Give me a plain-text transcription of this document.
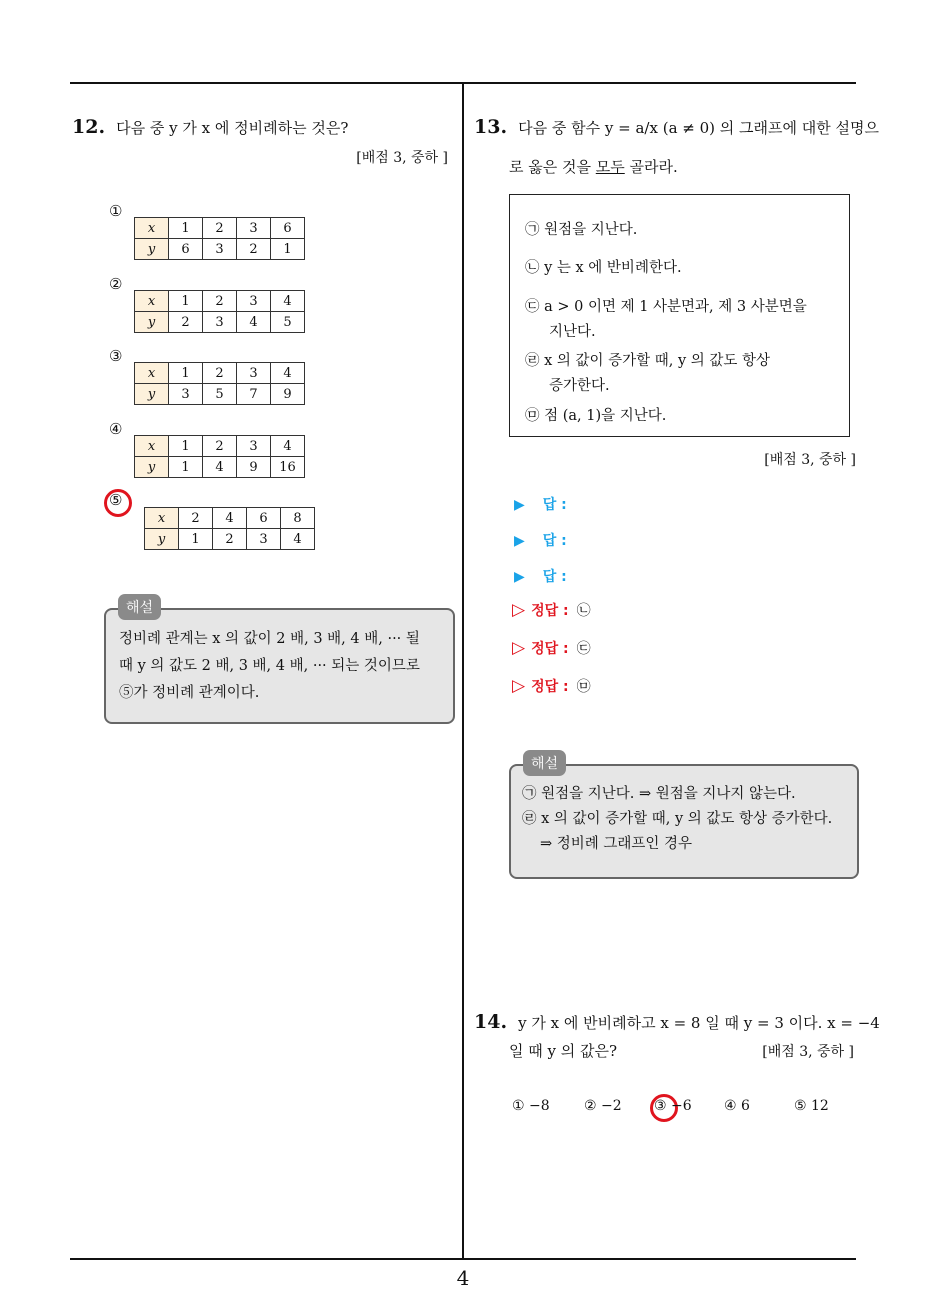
12. 다음 중 y 가 x 에 정비례하는 것은?
[배점 3, 중하 ]
①
x	1	2	3	6
y	6	3	2	1
②
x	1	2	3	4
y	2	3	4	5
③
x	1	2	3	4
y	3	5	7	9
④
x	1	2	3	4
y	1	4	9	16
⑤
x	2	4	6	8
y	1	2	3	4
해설
정비례 관계는 x 의 값이 2 배, 3 배, 4 배, ··· 될
때 y 의 값도 2 배, 3 배, 4 배, ··· 되는 것이므로
⑤가 정비례 관계이다.
13. 다음 중 함수 y = a/x (a ≠ 0) 의 그래프에 대한 설명으
로 옳은 것을 모두 골라라.
㉠ 원점을 지난다.
㉡ y 는 x 에 반비례한다.
㉢ a > 0 이면 제 1 사분면과, 제 3 사분면을
지난다.
㉣ x 의 값이 증가할 때, y 의 값도 항상
증가한다.
㉤ 점 (a, 1)을 지난다.
[배점 3, 중하 ]
▶ 답 :
▶ 답 :
▶ 답 :
▷ 정답 : ㉡
▷ 정답 : ㉢
▷ 정답 : ㉤
해설
㉠ 원점을 지난다. ⇒ 원점을 지나지 않는다.
㉣ x 의 값이 증가할 때, y 의 값도 항상 증가한다.
⇒ 정비례 그래프인 경우
14. y 가 x 에 반비례하고 x = 8 일 때 y = 3 이다. x = −4
일 때 y 의 값은?	[배점 3, 중하 ]
① −8 ② −2 ③ −6 ④ 6	⑤ 12
4
